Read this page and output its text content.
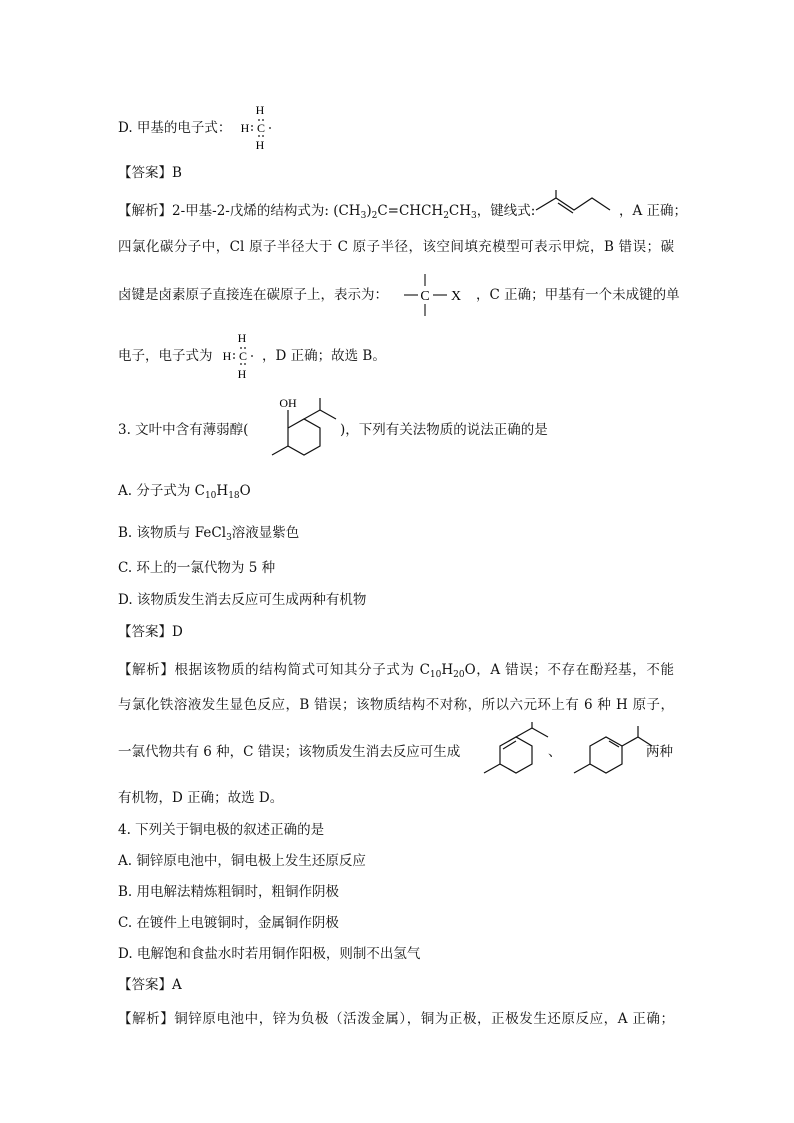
D. 甲基的电子式：
H
H C
H
【答案】B
【解析】2-甲基-2-戊烯的结构式为: $(CH_3)_2C=CHCH_2CH_3$，键线式:	，A 正确；
四氯化碳分子中，Cl 原子半径大于 C 原子半径，该空间填充模型可表示甲烷，B 错误；碳
卤键是卤素原子直接连在碳原子上，表示为： C X ，C 正确；甲基有一个未成键的单
电子，电子式为
H
H C
H
，D 正确；故选 B。
3. 文叶中含有薄弱醇(
OH
)，下列有关法物质的说法正确的是
A. 分子式为 $C_{10}H_{18}O$
B. 该物质与 FeCl$_3$溶液显紫色
C. 环上的一氯代物为 5 种
D. 该物质发生消去反应可生成两种有机物
【答案】D
【解析】根据该物质的结构简式可知其分子式为 $C_{10}H_{20}O$，A 错误；不存在酚羟基，不能
与氯化铁溶液发生显色反应，B 错误；该物质结构不对称，所以六元环上有 6 种 H 原子，
一氯代物共有 6 种，C 错误；该物质发生消去反应可生成	、	两种
有机物，D 正确；故选 D。
4. 下列关于铜电极的叙述正确的是
A. 铜锌原电池中，铜电极上发生还原反应
B. 用电解法精炼粗铜时，粗铜作阴极
C. 在镀件上电镀铜时，金属铜作阴极
D. 电解饱和食盐水时若用铜作阳极，则制不出氢气
【答案】A
【解析】铜锌原电池中，锌为负极（活泼金属），铜为正极，正极发生还原反应，A 正确；
